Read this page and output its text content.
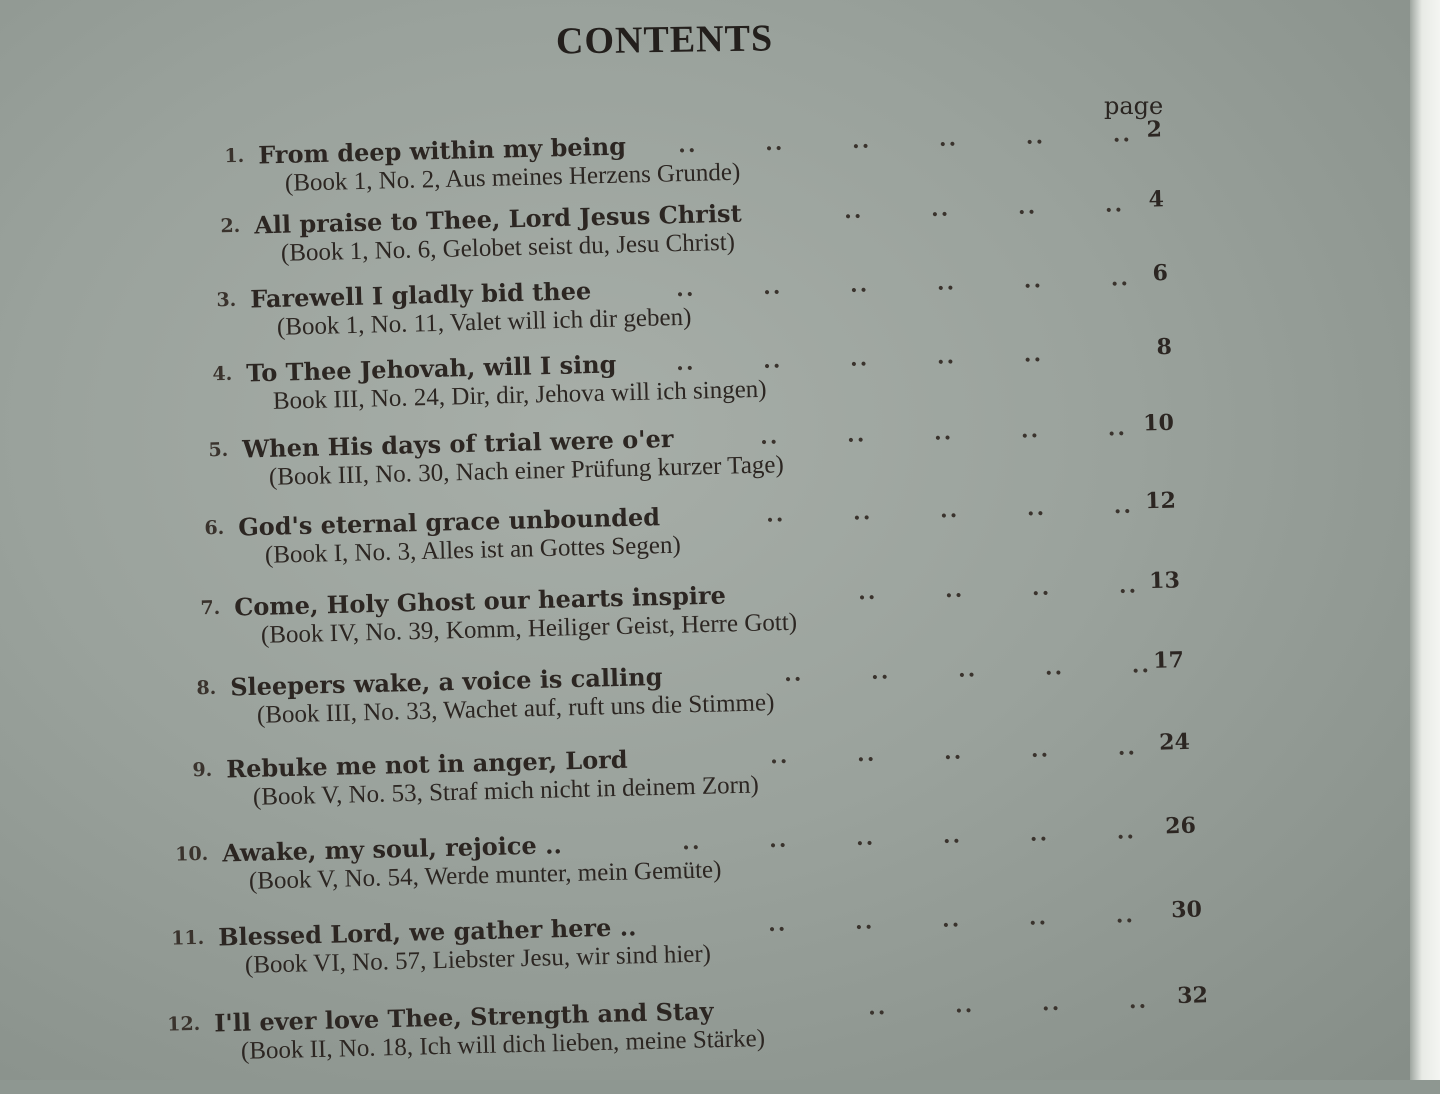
CONTENTS
page
1. From deep within my being ..       ..       ..       ..       ..       .. 2
(Book 1, No. 2, Aus meines Herzens Grunde)
2. All praise to Thee, Lord Jesus Christ	..       ..       ..       ..	4
(Book 1, No. 6, Gelobet seist du, Jesu Christ)
3. Farewell I gladly bid thee	..       ..       ..       ..       ..       .. 6
(Book 1, No. 11, Valet will ich dir geben)
4. To Thee Jehovah, will I sing	..       ..       ..       ..       ..	8
Book III, No. 24, Dir, dir, Jehova will ich singen)
5. When His days of trial were o'er	..       ..       ..       ..       .. 10
(Book III, No. 30, Nach einer Prüfung kurzer Tage)
6. God's eternal grace unbounded	..       ..       ..       ..       .. 12
(Book I, No. 3, Alles ist an Gottes Segen)
7. Come, Holy Ghost our hearts inspire	..       ..       ..       .. 13
(Book IV, No. 39, Komm, Heiliger Geist, Herre Gott)
8. Sleepers wake, a voice is calling	..       ..       ..       ..       .. 17
(Book III, No. 33, Wachet auf, ruft uns die Stimme)
9. Rebuke me not in anger, Lord	..       ..       ..       ..       .. 24
(Book V, No. 53, Straf mich nicht in deinem Zorn)
10. Awake, my soul, rejoice ..	..       ..       ..       ..       ..       ..	26
(Book V, No. 54, Werde munter, mein Gemüte)
11. Blessed Lord, we gather here ..	..       ..       ..       ..       ..	30
(Book VI, No. 57, Liebster Jesu, wir sind hier)
12. I'll ever love Thee, Strength and Stay	..       ..       ..       ..	32
(Book II, No. 18, Ich will dich lieben, meine Stärke)
